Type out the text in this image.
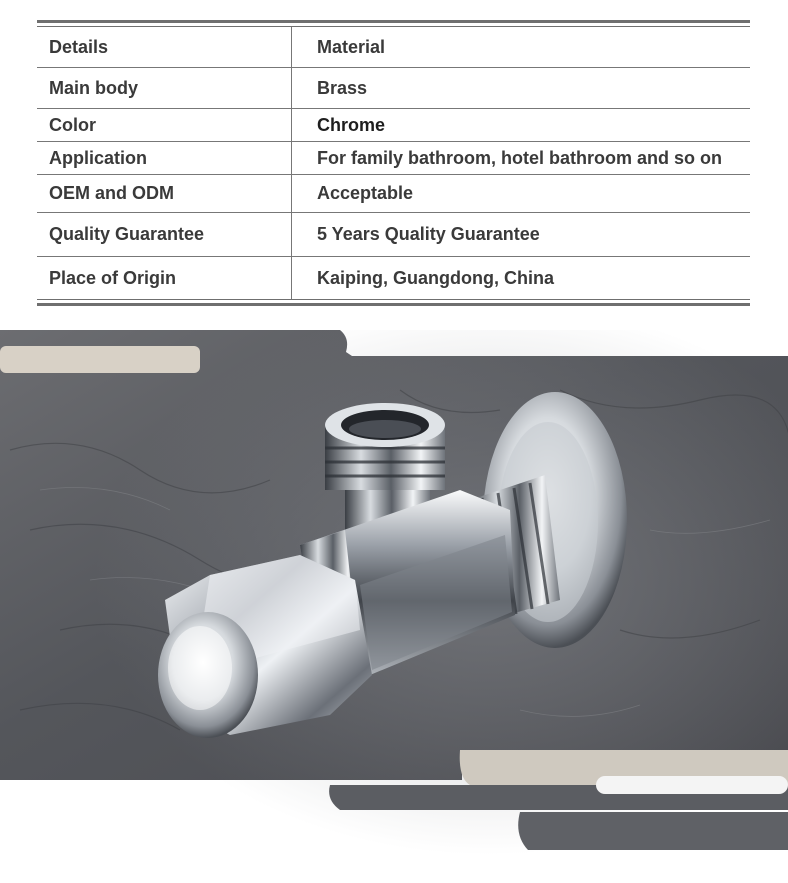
Details	Material
Main body	Brass
Color	Chrome
Application	For family bathroom, hotel bathroom and so on
OEM and ODM	Acceptable
Quality Guarantee	5 Years Quality Guarantee
Place of Origin	Kaiping, Guangdong, China
